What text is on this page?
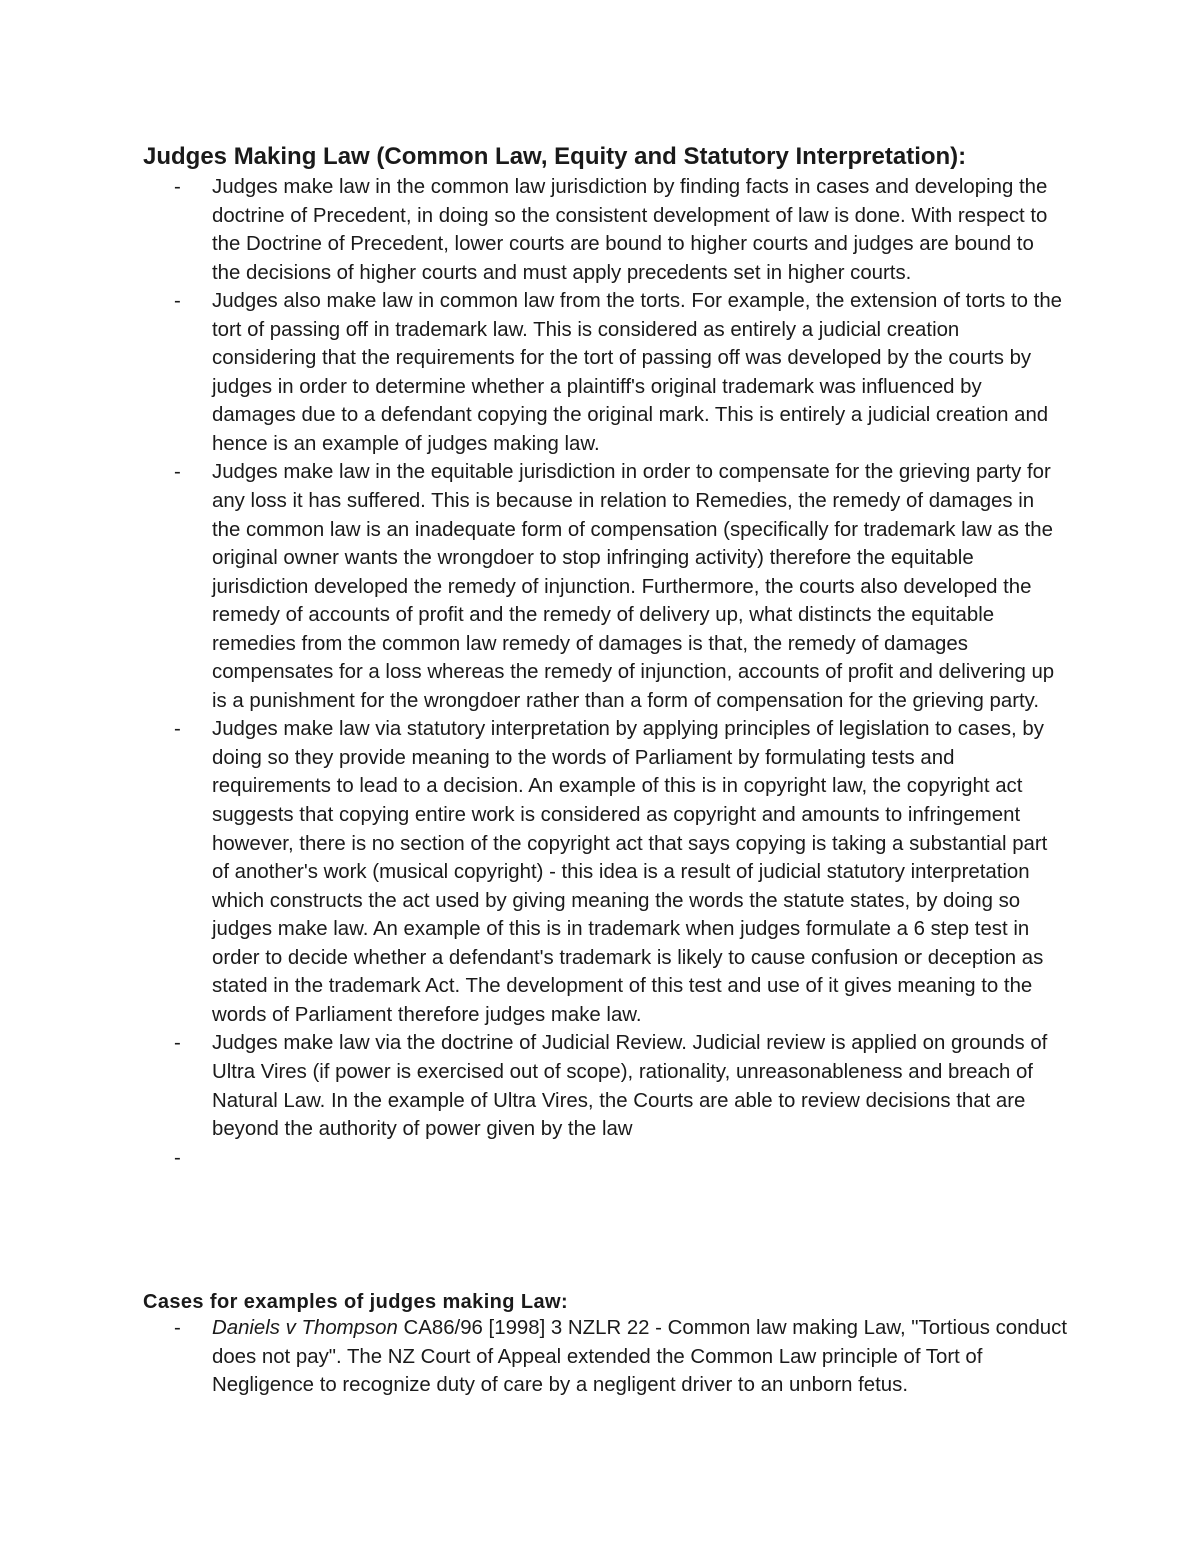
Judges Making Law (Common Law, Equity and Statutory Interpretation):
- Judges make law in the common law jurisdiction by finding facts in cases and developing the doctrine of Precedent, in doing so the consistent development of law is done. With respect to the Doctrine of Precedent, lower courts are bound to higher courts and judges are bound to the decisions of higher courts and must apply precedents set in higher courts.
- Judges also make law in common law from the torts. For example, the extension of torts to the tort of passing off in trademark law. This is considered as entirely a judicial creation considering that the requirements for the tort of passing off was developed by the courts by judges in order to determine whether a plaintiff's original trademark was influenced by damages due to a defendant copying the original mark. This is entirely a judicial creation and hence is an example of judges making law.
- Judges make law in the equitable jurisdiction in order to compensate for the grieving party for any loss it has suffered. This is because in relation to Remedies, the remedy of damages in the common law is an inadequate form of compensation (specifically for trademark law as the original owner wants the wrongdoer to stop infringing activity) therefore the equitable jurisdiction developed the remedy of injunction. Furthermore, the courts also developed the remedy of accounts of profit and the remedy of delivery up, what distincts the equitable remedies from the common law remedy of damages is that, the remedy of damages compensates for a loss whereas the remedy of injunction, accounts of profit and delivering up is a punishment for the wrongdoer rather than a form of compensation for the grieving party.
- Judges make law via statutory interpretation by applying principles of legislation to cases, by doing so they provide meaning to the words of Parliament by formulating tests and requirements to lead to a decision. An example of this is in copyright law, the copyright act suggests that copying entire work is considered as copyright and amounts to infringement however, there is no section of the copyright act that says copying is taking a substantial part of another's work (musical copyright) - this idea is a result of judicial statutory interpretation which constructs the act used by giving meaning the words the statute states, by doing so judges make law. An example of this is in trademark when judges formulate a 6 step test in order to decide whether a defendant's trademark is likely to cause confusion or deception as stated in the trademark Act. The development of this test and use of it gives meaning to the words of Parliament therefore judges make law.
- Judges make law via the doctrine of Judicial Review. Judicial review is applied on grounds of Ultra Vires (if power is exercised out of scope), rationality, unreasonableness and breach of Natural Law. In the example of Ultra Vires, the Courts are able to review decisions that are beyond the authority of power given by the law
-

Cases for examples of judges making Law:
- Daniels v Thompson CA86/96 [1998] 3 NZLR 22 - Common law making Law, "Tortious conduct does not pay". The NZ Court of Appeal extended the Common Law principle of Tort of Negligence to recognize duty of care by a negligent driver to an unborn fetus.
